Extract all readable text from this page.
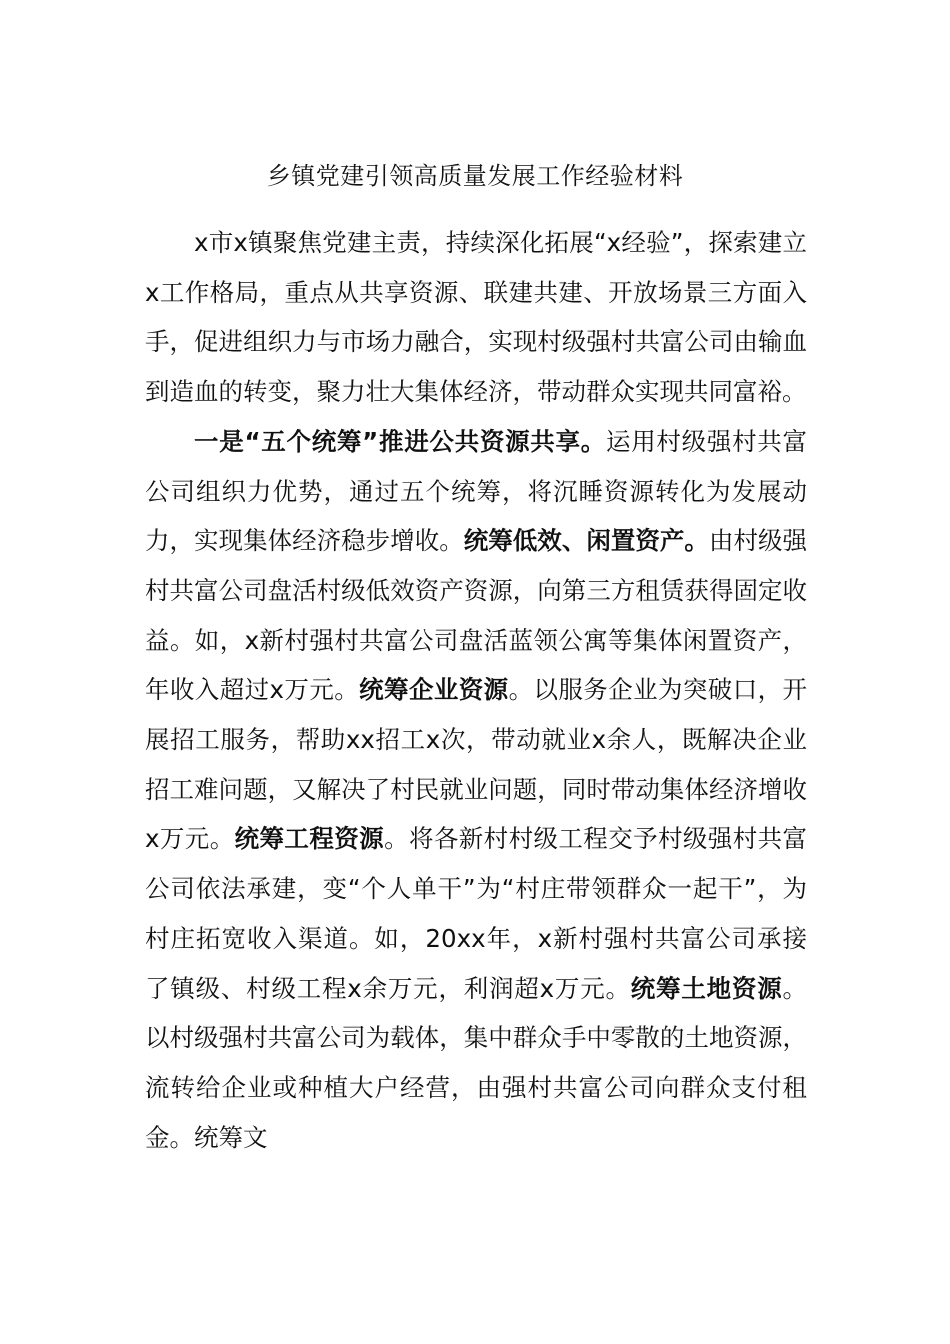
乡镇党建引领高质量发展工作经验材料

x市x镇聚焦党建主责，持续深化拓展“x经验”，探索建立x工作格局，重点从共享资源、联建共建、开放场景三方面入手，促进组织力与市场力融合，实现村级强村共富公司由输血到造血的转变，聚力壮大集体经济，带动群众实现共同富裕。

一是“五个统筹”推进公共资源共享。运用村级强村共富公司组织力优势，通过五个统筹，将沉睡资源转化为发展动力，实现集体经济稳步增收。统筹低效、闲置资产。由村级强村共富公司盘活村级低效资产资源，向第三方租赁获得固定收益。如，x新村强村共富公司盘活蓝领公寓等集体闲置资产，年收入超过x万元。统筹企业资源。以服务企业为突破口，开展招工服务，帮助xx招工x次，带动就业x余人，既解决企业招工难问题，又解决了村民就业问题，同时带动集体经济增收x万元。统筹工程资源。将各新村村级工程交予村级强村共富公司依法承建，变“个人单干”为“村庄带领群众一起干”，为村庄拓宽收入渠道。如，20xx年，x新村强村共富公司承接了镇级、村级工程x余万元，利润超x万元。统筹土地资源。以村级强村共富公司为载体，集中群众手中零散的土地资源，流转给企业或种植大户经营，由强村共富公司向群众支付租金。统筹文
